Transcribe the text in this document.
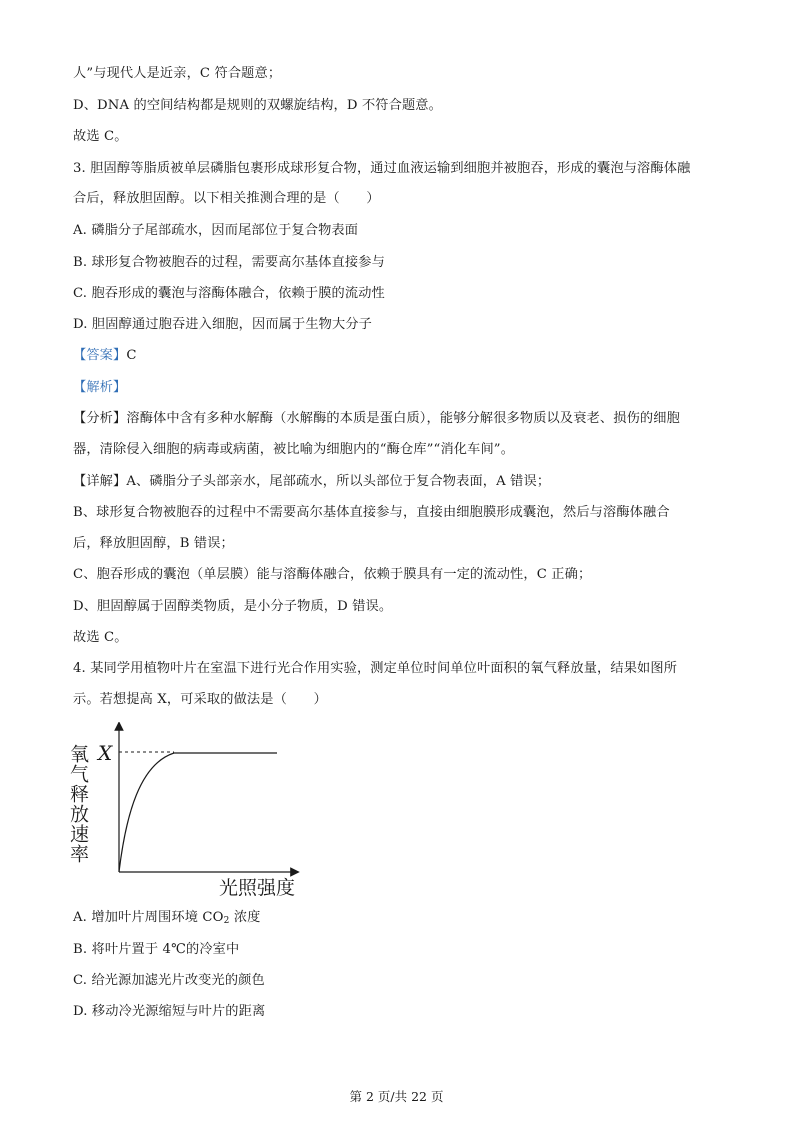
人”与现代人是近亲，C 符合题意；

D、DNA 的空间结构都是规则的双螺旋结构，D 不符合题意。

故选 C。

3. 胆固醇等脂质被单层磷脂包裹形成球形复合物，通过血液运输到细胞并被胞吞，形成的囊泡与溶酶体融

合后，释放胆固醇。以下相关推测合理的是（　　）

A. 磷脂分子尾部疏水，因而尾部位于复合物表面

B. 球形复合物被胞吞的过程，需要高尔基体直接参与

C. 胞吞形成的囊泡与溶酶体融合，依赖于膜的流动性

D. 胆固醇通过胞吞进入细胞，因而属于生物大分子

【答案】C

【解析】

【分析】溶酶体中含有多种水解酶（水解酶的本质是蛋白质），能够分解很多物质以及衰老、损伤的细胞

器，清除侵入细胞的病毒或病菌，被比喻为细胞内的“酶仓库”“消化车间”。

【详解】A、磷脂分子头部亲水，尾部疏水，所以头部位于复合物表面，A 错误；

B、球形复合物被胞吞的过程中不需要高尔基体直接参与，直接由细胞膜形成囊泡，然后与溶酶体融合

后，释放胆固醇，B 错误；

C、胞吞形成的囊泡（单层膜）能与溶酶体融合，依赖于膜具有一定的流动性，C 正确；

D、胆固醇属于固醇类物质，是小分子物质，D 错误。

故选 C。

4. 某同学用植物叶片在室温下进行光合作用实验，测定单位时间单位叶面积的氧气释放量，结果如图所

示。若想提高 X，可采取的做法是（　　）

X
氧气释放速率
光照强度

A. 增加叶片周围环境 $CO_2$ 浓度

B. 将叶片置于 4℃的冷室中

C. 给光源加滤光片改变光的颜色

D. 移动冷光源缩短与叶片的距离

第 2 页/共 22 页
